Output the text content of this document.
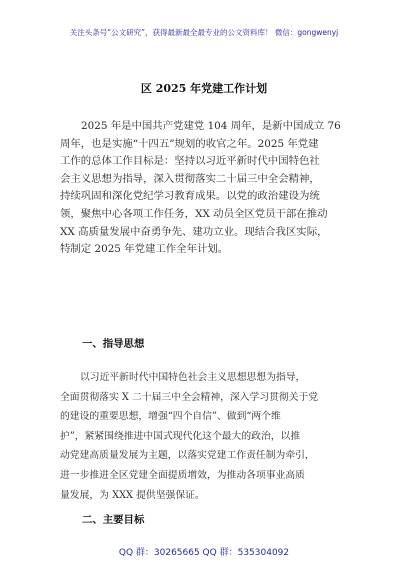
关注头条号“公文研究”，获得最新最全最专业的公文资料库！ 微信：gongwenyj
区 2025 年党建工作计划
2025 年是中国共产党建党 104 周年，是新中国成立 76
周年，也是实施“十四五”规划的收官之年。2025 年党建
工作的总体工作目标是：坚持以习近平新时代中国特色社
会主义思想为指导，深入贯彻落实二十届三中全会精神，
持续巩固和深化党纪学习教育成果。以党的政治建设为统
领，聚焦中心各项工作任务，XX 动员全区党员干部在推动
XX 高质量发展中奋勇争先、建功立业。现结合我区实际，
特制定 2025 年党建工作全年计划。
一、指导思想
以习近平新时代中国特色社会主义思想思想为指导，
全面贯彻落实 X 二十届三中全会精神，深入学习贯彻关于党
的建设的重要思想，增强“四个自信”、做到“两个维
护”，紧紧围绕推进中国式现代化这个最大的政治，以推
动党建高质量发展为主题，以落实党建工作责任制为牵引，
进一步推进全区党建全面提质增效，为推动各项事业高质
量发展，为 XXX 提供坚强保证。
二、主要目标
QQ 群：30265665 QQ 群：535304092
